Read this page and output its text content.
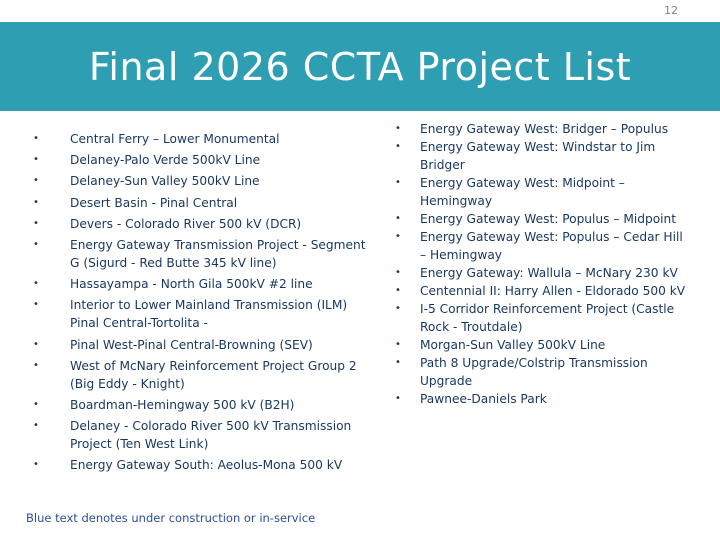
12
Final 2026 CCTA Project List
•	Central Ferry – Lower Monumental
•	Delaney-Palo Verde 500kV Line
•	Delaney-Sun Valley 500kV Line
•	Desert Basin - Pinal Central
•	Devers - Colorado River 500 kV (DCR)
•	Energy Gateway Transmission Project - Segment G (Sigurd - Red Butte 345 kV line)
•	Hassayampa - North Gila 500kV #2 line
•	Interior to Lower Mainland Transmission (ILM) Pinal Central-Tortolita -
•	Pinal West-Pinal Central-Browning (SEV)
•	West of McNary Reinforcement Project Group 2 (Big Eddy - Knight)
•	Boardman-Hemingway 500 kV (B2H)
•	Delaney - Colorado River 500 kV Transmission Project (Ten West Link)
•	Energy Gateway South: Aeolus-Mona 500 kV
• Energy Gateway West: Bridger – Populus
• Energy Gateway West: Windstar to Jim Bridger
• Energy Gateway West: Midpoint – Hemingway
• Energy Gateway West: Populus – Midpoint
• Energy Gateway West: Populus – Cedar Hill – Hemingway
• Energy Gateway: Wallula – McNary 230 kV
• Centennial II: Harry Allen - Eldorado 500 kV
• I-5 Corridor Reinforcement Project (Castle Rock - Troutdale)
• Morgan-Sun Valley 500kV Line
• Path 8 Upgrade/Colstrip Transmission Upgrade
• Pawnee-Daniels Park
Blue text denotes under construction or in-service
